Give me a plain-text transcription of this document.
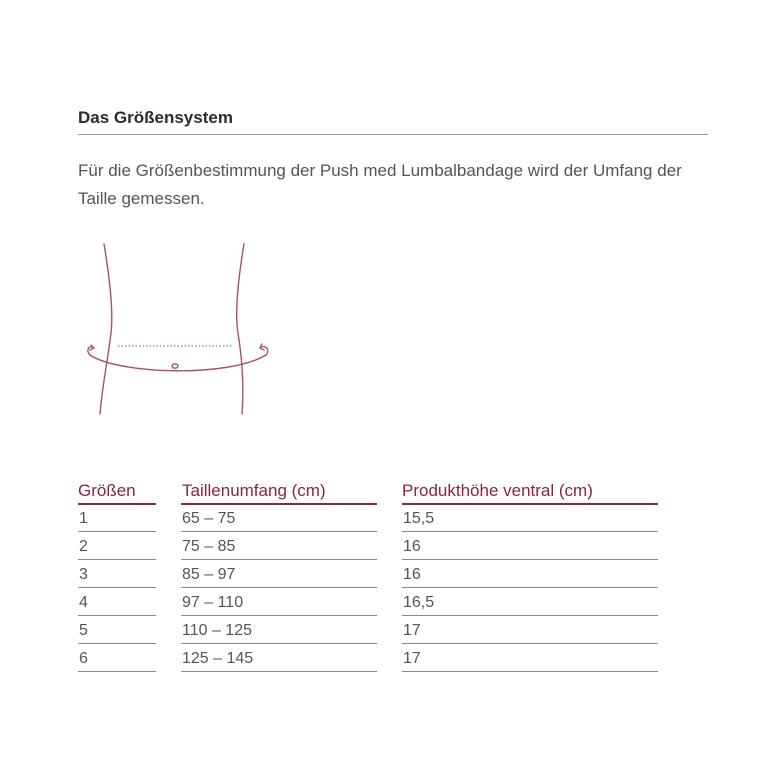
Das Größensystem
Für die Größenbestimmung der Push med Lumbalbandage wird der Umfang der Taille gemessen.
Größen	Taillenumfang (cm)	Produkthöhe ventral (cm)
1	65 – 75	15,5
2	75 – 85	16
3	85 – 97	16
4	97 – 110	16,5
5	110 – 125	17
6	125 – 145	17
